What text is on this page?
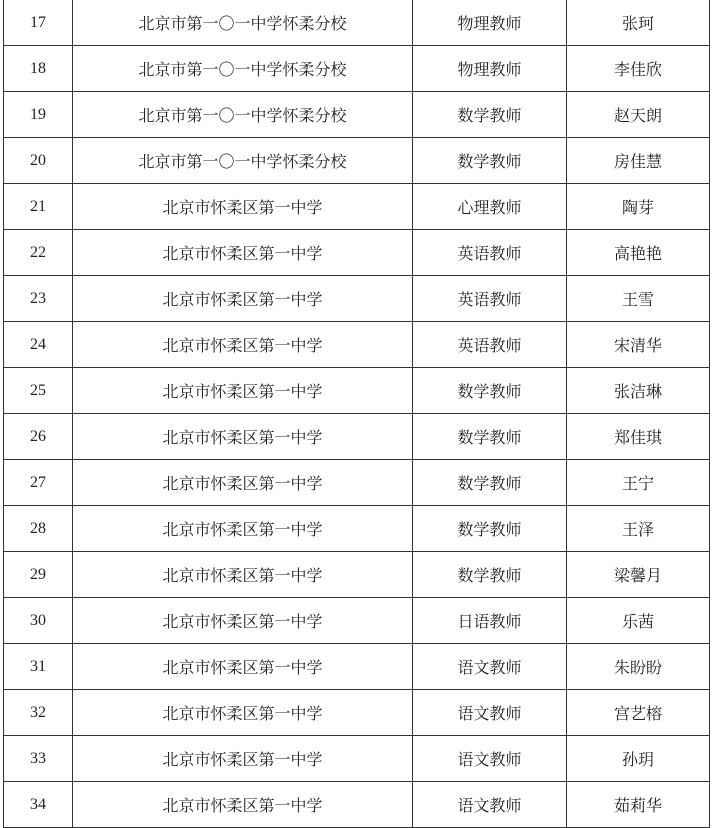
17	北京市第一〇一中学怀柔分校	物理教师	张珂
18	北京市第一〇一中学怀柔分校	物理教师	李佳欣
19	北京市第一〇一中学怀柔分校	数学教师	赵天朗
20	北京市第一〇一中学怀柔分校	数学教师	房佳慧
21	北京市怀柔区第一中学	心理教师	陶芽
22	北京市怀柔区第一中学	英语教师	高艳艳
23	北京市怀柔区第一中学	英语教师	王雪
24	北京市怀柔区第一中学	英语教师	宋清华
25	北京市怀柔区第一中学	数学教师	张洁琳
26	北京市怀柔区第一中学	数学教师	郑佳琪
27	北京市怀柔区第一中学	数学教师	王宁
28	北京市怀柔区第一中学	数学教师	王泽
29	北京市怀柔区第一中学	数学教师	梁馨月
30	北京市怀柔区第一中学	日语教师	乐茜
31	北京市怀柔区第一中学	语文教师	朱盼盼
32	北京市怀柔区第一中学	语文教师	宫艺榕
33	北京市怀柔区第一中学	语文教师	孙玥
34	北京市怀柔区第一中学	语文教师	茹莉华
